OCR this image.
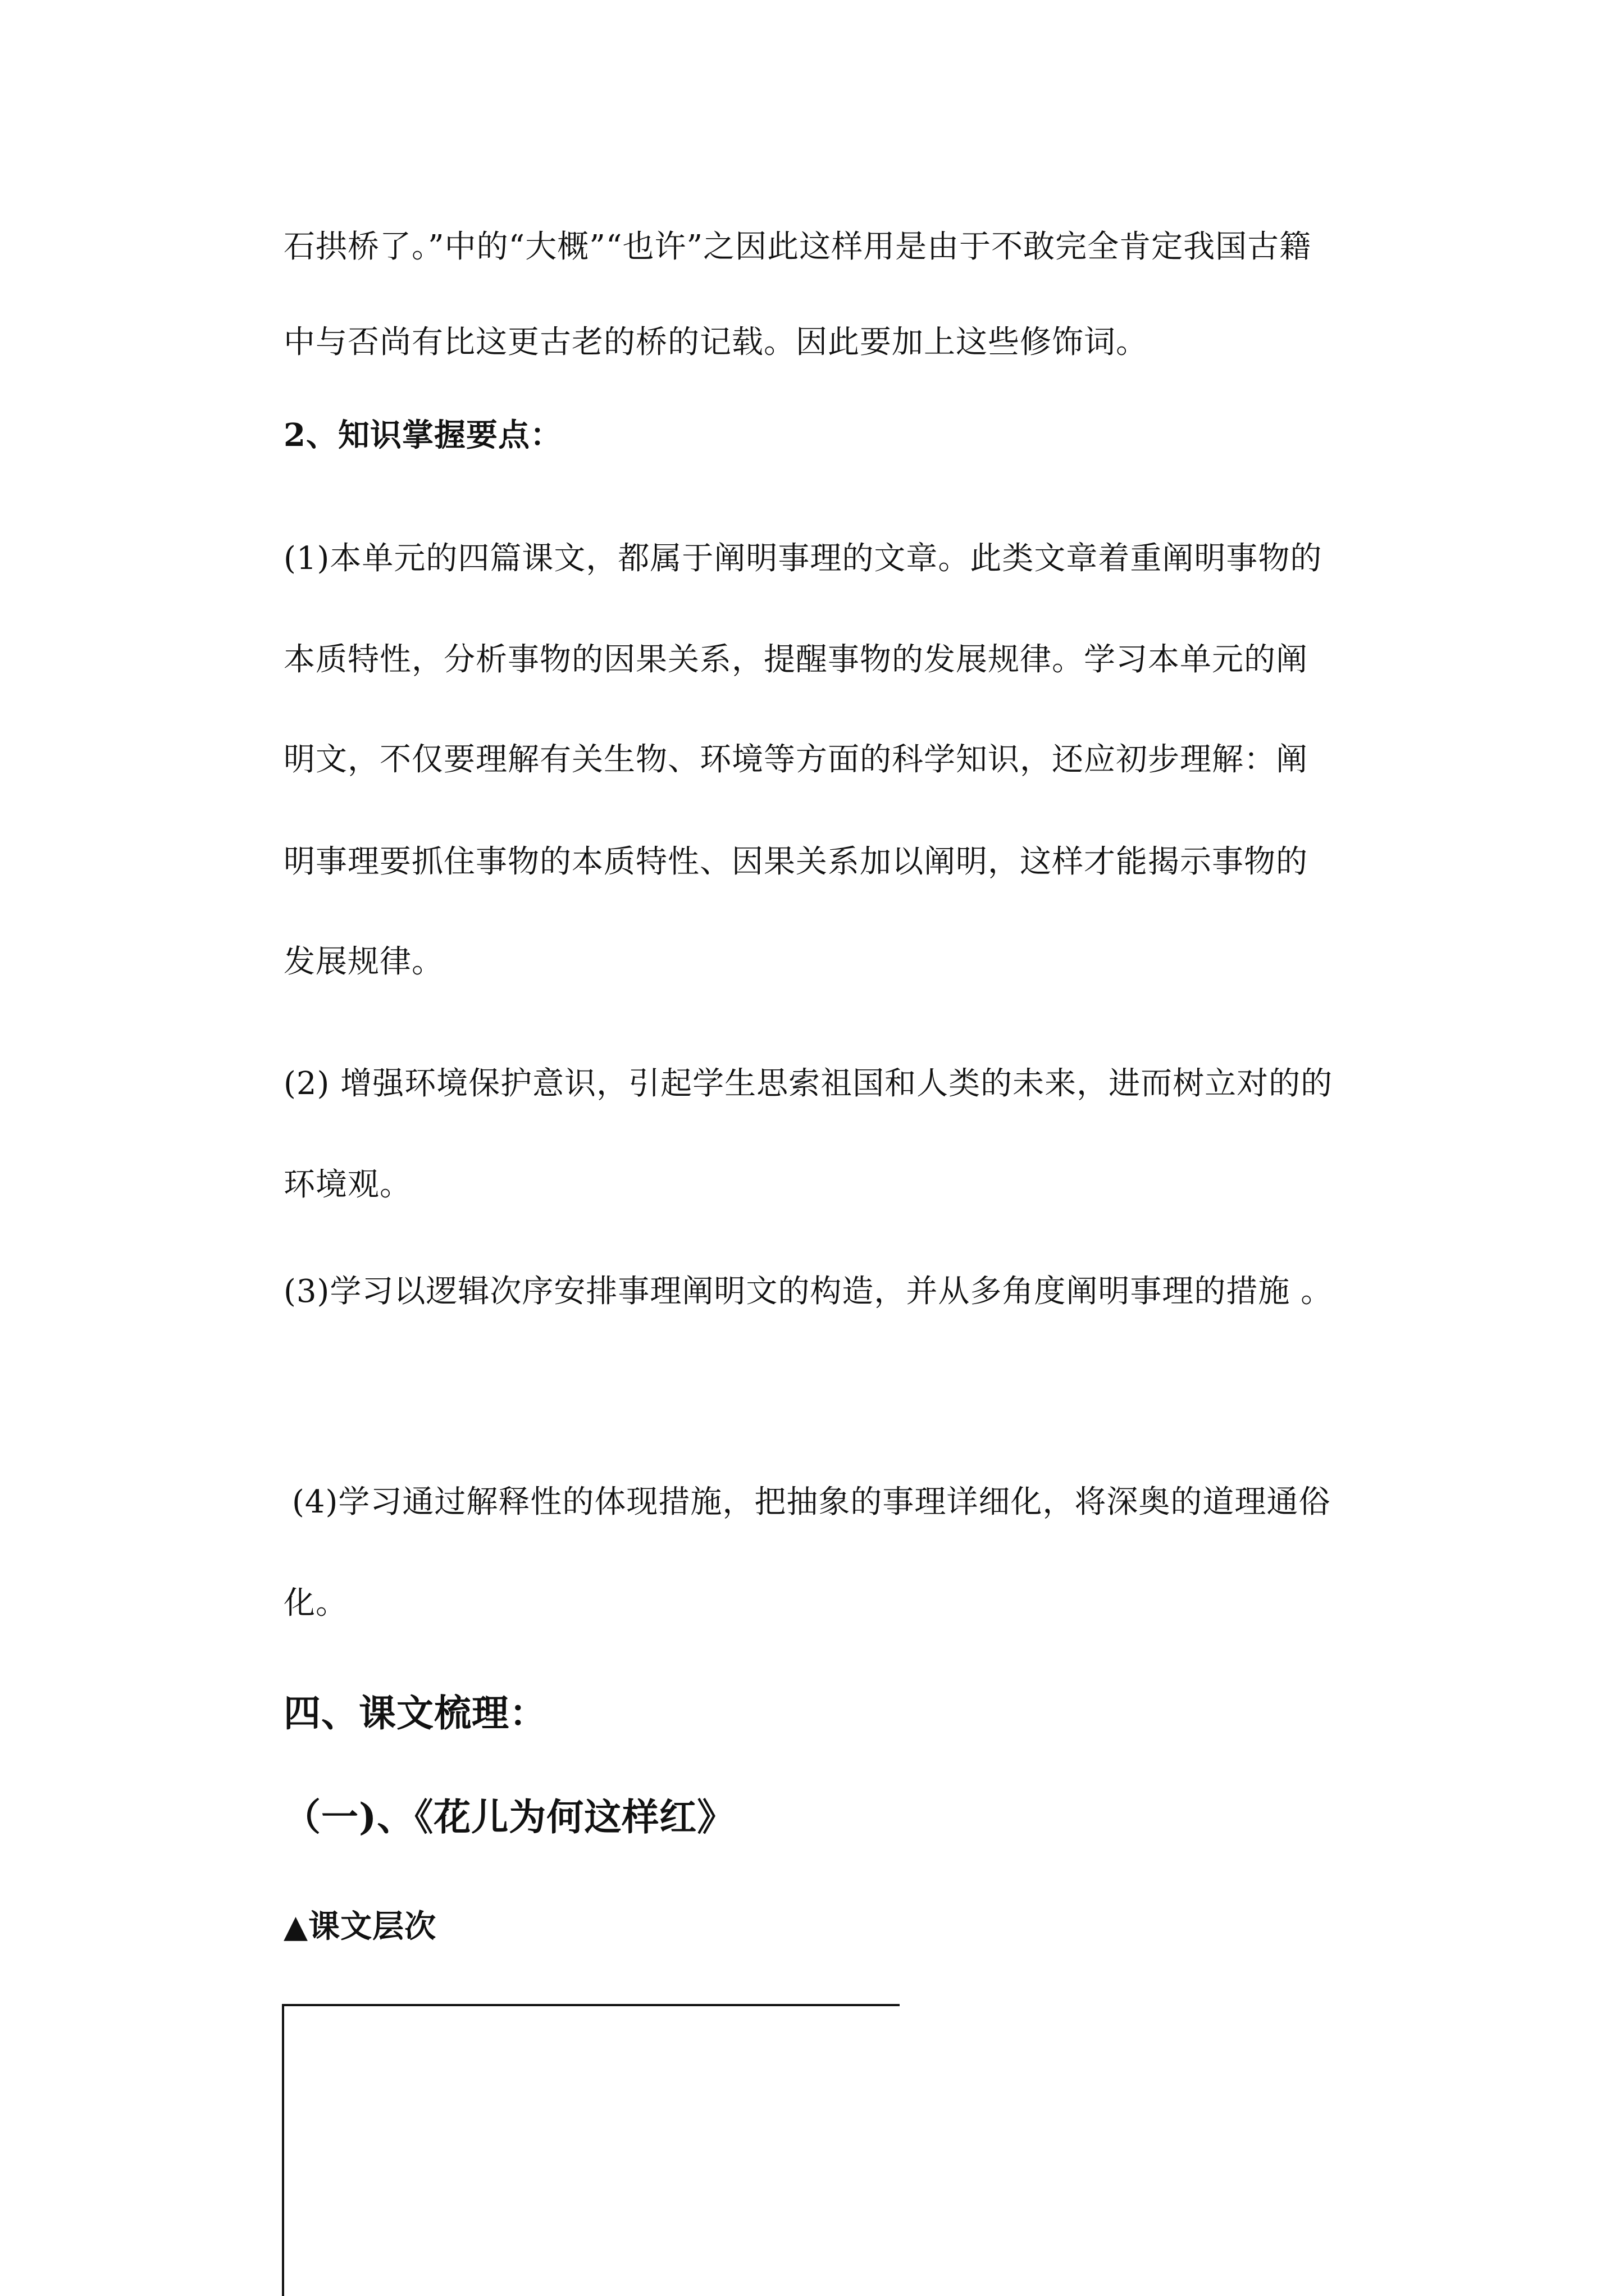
石拱桥了。”中的“大概”“也许”之因此这样用是由于不敢完全肯定我国古籍
中与否尚有比这更古老的桥的记载。因此要加上这些修饰词。
2、知识掌握要点：
(1)本单元的四篇课文，都属于阐明事理的文章。此类文章着重阐明事物的
本质特性，分析事物的因果关系，提醒事物的发展规律。学习本单元的阐
明文，不仅要理解有关生物、环境等方面的科学知识，还应初步理解：阐
明事理要抓住事物的本质特性、因果关系加以阐明，这样才能揭示事物的
发展规律。
(2) 增强环境保护意识，引起学生思索祖国和人类的未来，进而树立对的的
环境观。
(3)学习以逻辑次序安排事理阐明文的构造，并从多角度阐明事理的措施 。
(4)学习通过解释性的体现措施，把抽象的事理详细化，将深奥的道理通俗
化。
四、课文梳理：
（一)、《花儿为何这样红》
▲课文层次
